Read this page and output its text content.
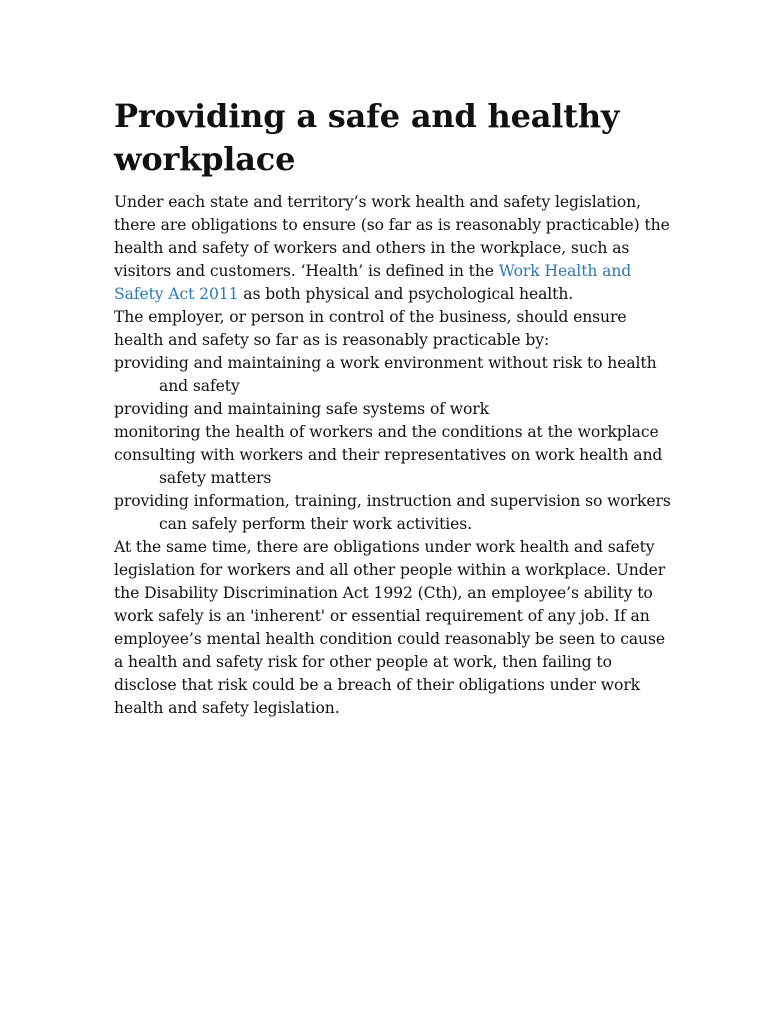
Providing a safe and healthy workplace

Under each state and territory’s work health and safety legislation, there are obligations to ensure (so far as is reasonably practicable) the health and safety of workers and others in the workplace, such as visitors and customers. ‘Health’ is defined in the Work Health and Safety Act 2011 as both physical and psychological health.

The employer, or person in control of the business, should ensure health and safety so far as is reasonably practicable by:

providing and maintaining a work environment without risk to health and safety
providing and maintaining safe systems of work
monitoring the health of workers and the conditions at the workplace
consulting with workers and their representatives on work health and safety matters
providing information, training, instruction and supervision so workers can safely perform their work activities.

At the same time, there are obligations under work health and safety legislation for workers and all other people within a workplace. Under the Disability Discrimination Act 1992 (Cth), an employee’s ability to work safely is an 'inherent' or essential requirement of any job. If an employee’s mental health condition could reasonably be seen to cause a health and safety risk for other people at work, then failing to disclose that risk could be a breach of their obligations under work health and safety legislation.
